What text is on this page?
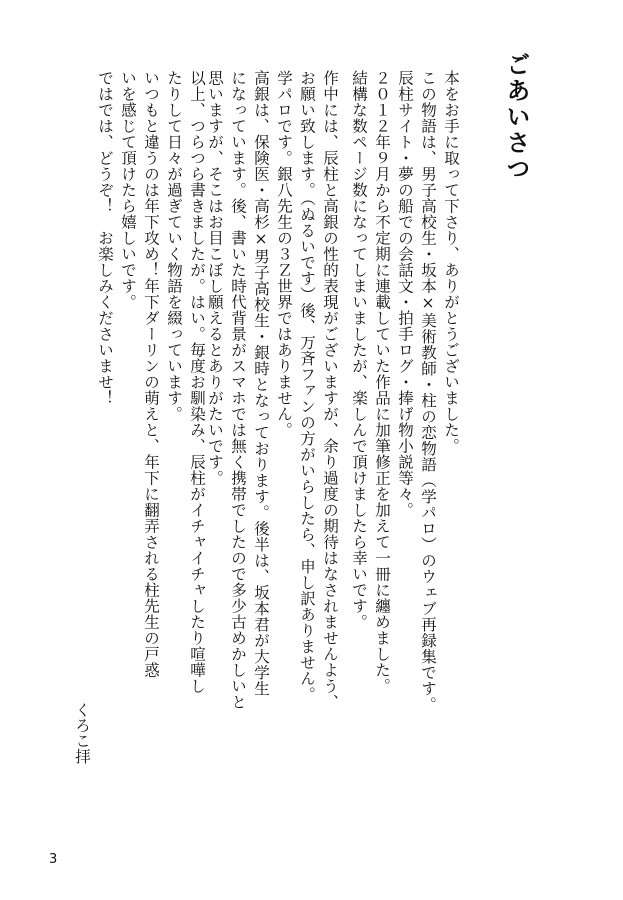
ごあいさつ
本をお手に取って下さり、ありがとうございました。
この物語は、男子高校生・坂本×美術教師・柱の恋物語（学パロ）のウェブ再録集です。
辰柱サイト・夢の船での会話文・拍手ログ・捧げ物小説等々。
２０１２年９月から不定期に連載していた作品に加筆修正を加えて一冊に纏めました。
結構な数ページ数になってしまいましたが、楽しんで頂けましたら幸いです。
作中には、辰柱と高銀の性的表現がございますが、余り過度の期待はなされませんよう、
お願い致します。（ぬるいです）後、万斉ファンの方がいらしたら、申し訳ありません。
学パロです。銀八先生の３Ｚ世界ではありません。
高銀は、保険医・高杉×男子高校生・銀時となっております。後半は、坂本君が大学生
になっています。後、書いた時代背景がスマホでは無く携帯でしたので多少古めかしいと
思いますが、そこはお目こぼし願えるとありがたいです。
以上、つらつら書きましたが。はい。毎度お馴染み、辰柱がイチャイチャしたり喧嘩し
たりして日々が過ぎていく物語を綴っています。
いつもと違うのは年下攻め！年下ダーリンの萌えと、年下に翻弄される柱先生の戸惑
いを感じて頂けたら嬉しいです。
ではでは、どうぞ！　お楽しみくださいませ！
くろこ拝
3
